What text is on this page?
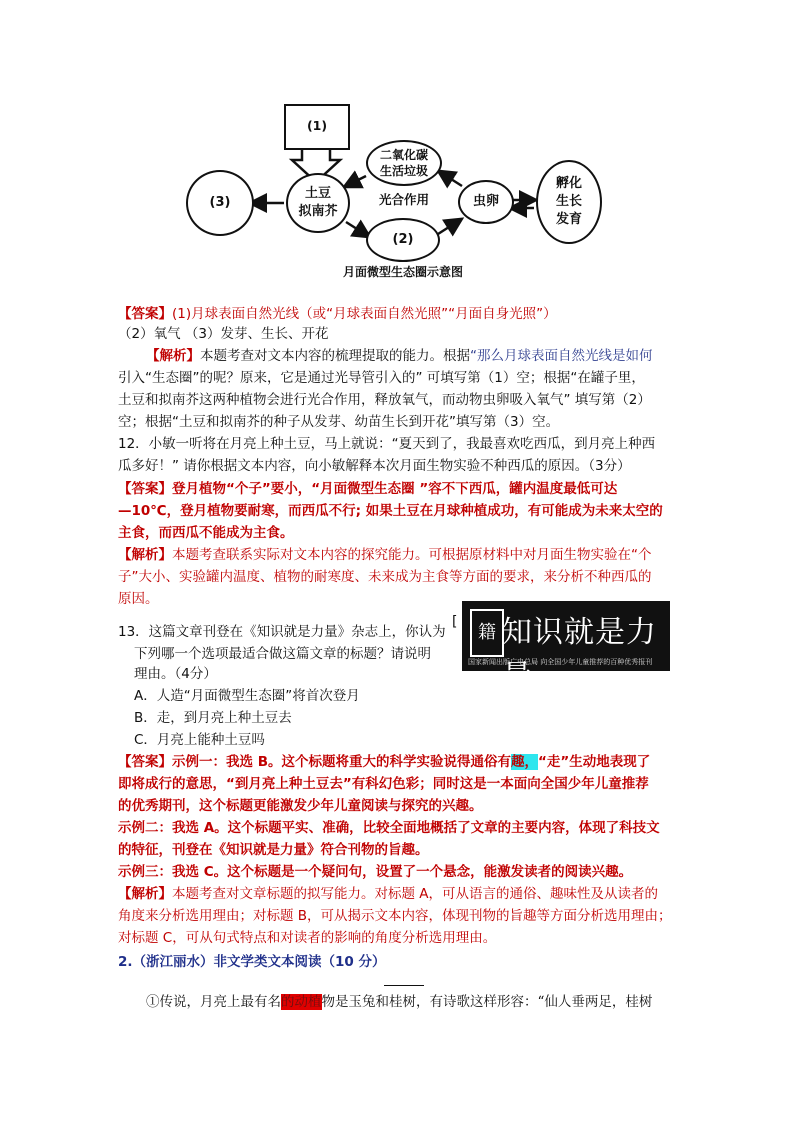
(1)
土豆
拟南芥
二氧化碳
生活垃圾
光合作用
(2)
(3)	虫卵
孵化
生长
发育
月面微型生态圈示意图
【答案】(1)月球表面自然光线（或“月球表面自然光照”“月面自身光照”）
（2）氧气 （3）发芽、生长、开花
【解析】本题考查对文本内容的梳理提取的能力。根据“那么月球表面自然光线是如何
引入“生态圈”的呢？原来，它是通过光导管引入的” 可填写第（1）空；根据“在罐子里，
土豆和拟南芥这两种植物会进行光合作用，释放氧气，而动物虫卵吸入氧气” 填写第（2）
空；根据“土豆和拟南芥的种子从发芽、幼苗生长到开花”填写第（3）空。
12．小敏一听将在月亮上种土豆，马上就说：“夏天到了，我最喜欢吃西瓜，到月亮上种西
瓜多好！” 请你根据文本内容，向小敏解释本次月面生物实验不种西瓜的原因。（3分）
【答案】登月植物“个子”要小，“月面微型生态圈 ”容不下西瓜，罐内温度最低可达
—10℃，登月植物要耐寒，而西瓜不行; 如果土豆在月球种植成功，有可能成为未来太空的
主食，而西瓜不能成为主食。
【解析】本题考查联系实际对文本内容的探究能力。可根据原材料中对月面生物实验在“个
子”大小、实验罐内温度、植物的耐寒度、未来成为主食等方面的要求，来分析不种西瓜的
原因。
13．这篇文章刊登在《知识就是力量》杂志上，你认为
下列哪一个选项最适合做这篇文章的标题？请说明
理由。（4分）
[	籍 知识就是力量
国家新闻出版广电总局 向全国少年儿童推荐的百种优秀报刊
A．人造“月面微型生态圈”将首次登月
B．走，到月亮上种土豆去
C．月亮上能种土豆吗
【答案】示例一：我选 B。这个标题将重大的科学实验说得通俗有趣，“走”生动地表现了
即将成行的意思，“到月亮上种土豆去”有科幻色彩；同时这是一本面向全国少年儿童推荐
的优秀期刊，这个标题更能激发少年儿童阅读与探究的兴趣。
示例二：我选 A。这个标题平实、准确，比较全面地概括了文章的主要内容，体现了科技文
的特征，刊登在《知识就是力量》符合刊物的旨趣。
示例三：我选 C。这个标题是一个疑问句，设置了一个悬念，能激发读者的阅读兴趣。
【解析】本题考查对文章标题的拟写能力。对标题 A，可从语言的通俗、趣味性及从读者的
角度来分析选用理由；对标题 B，可从揭示文本内容，体现刊物的旨趣等方面分析选用理由；
对标题 C，可从句式特点和对读者的影响的角度分析选用理由。
2.（浙江丽水）非文学类文本阅读（10 分）
①传说，月亮上最有名的动植物是玉兔和桂树，有诗歌这样形容：“仙人垂两足，桂树
